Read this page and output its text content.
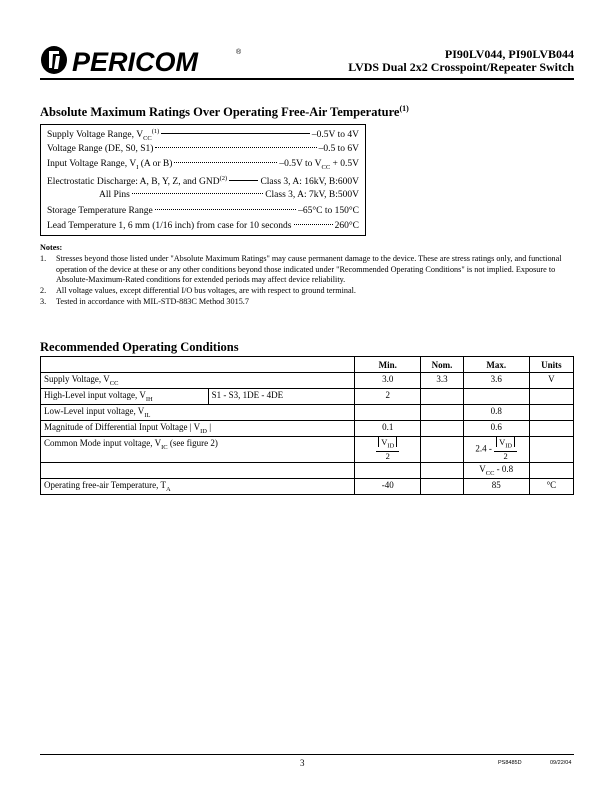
PERICOM	®	PI90LV044, PI90LVB044
LVDS Dual 2x2 Crosspoint/Repeater Switch
Absolute Maximum Ratings Over Operating Free-Air Temperature$^{(1)}$
Supply Voltage Range, $V_{CC}^{(1)}$	–0.5V to 4V
Voltage Range (DE, S0, S1)	–0.5 to 6V
Input Voltage Range, $V_I$ (A or B)	–0.5V to $V_{CC} + 0.5V$
Electrostatic Discharge: A, B, Y, Z, and GND$^{(2)}$	Class 3, A: 16kV, B:600V
All Pins	Class 3, A: 7kV, B:500V
Storage Temperature Range	–65°C to 150°C
Lead Temperature 1, 6 mm (1/16 inch) from case for 10 seconds	260°C
Notes:
1.	Stresses beyond those listed under "Absolute Maximum Ratings" may cause permanent damage to the device. These are stress ratings only, and functional operation of the device at these or any other conditions beyond those indicated under "Recommended Operating Conditions" is not implied. Exposure to Absolute-Maximum-Rated conditions for extended periods may affect device reliability.
2.	All voltage values, except differential I/O bus voltages, are with respect to ground terminal.
3.	Tested in accordance with MIL-STD-883C Method 3015.7
Recommended Operating Conditions
		Min.	Nom.	Max.	Units
Supply Voltage, $V_{CC}$		3.0	3.3	3.6	V
High-Level input voltage, $V_{IH}$	S1 - S3, 1DE - 4DE	2			
Low-Level input voltage, $V_{IL}$				0.8	
Magnitude of Differential Input Voltage | $V_{ID}$ |		0.1		0.6	
Common Mode input voltage, $V_{IC}$ (see figure 2)		$\frac{V_{ID}}{2}$		$2.4 - \frac{V_{ID}}{2}$

				$V_{CC} - 0.8$	
Operating free-air Temperature, $T_A$		-40		85	°C
3	PS8485D	09/22/04
